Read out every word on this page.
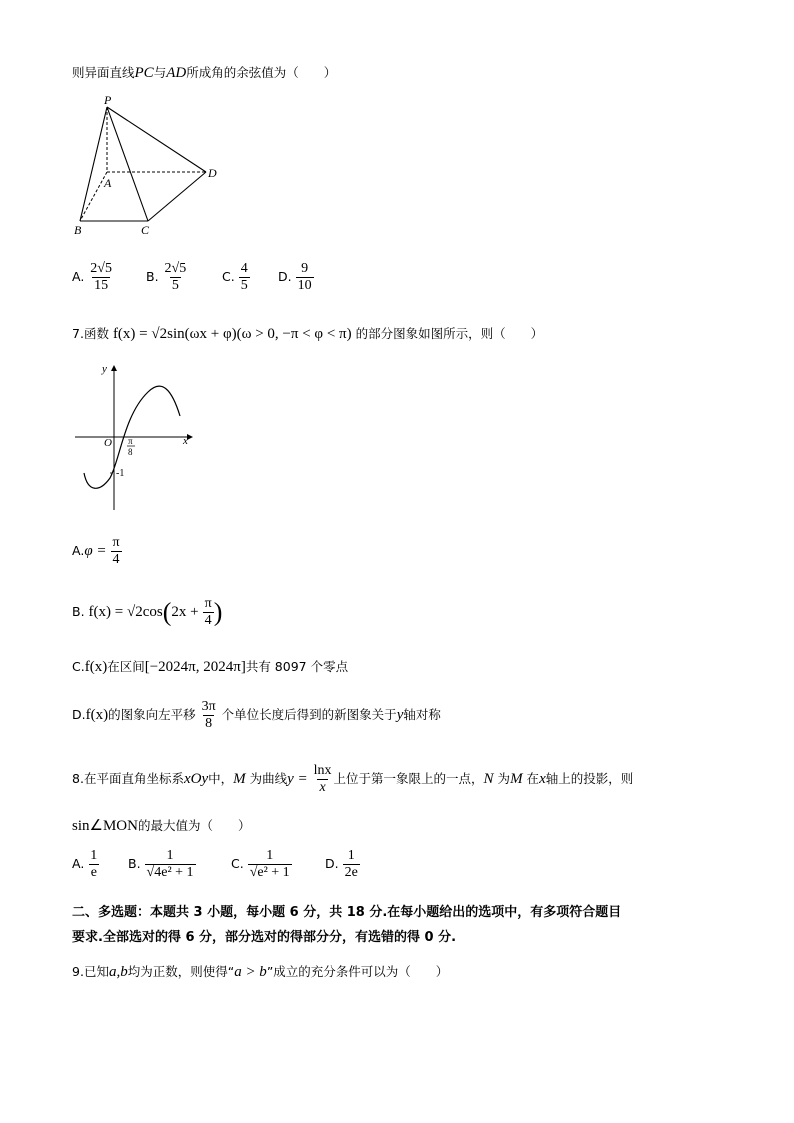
则异面直线PC与AD所成角的余弦值为（　　）
P
A
B	C
D
A. $\frac{2√5}{15}$	B. $\frac{2√5}{5}$	C. $\frac{4}{5} D$. $\frac{9}{10}$
7.函数 f(x) = √2sin(ωx + φ)(ω > 0, −π < φ < π) 的部分图象如图所示，则（　　）
y
x
O π
8
-1
$A.\varphi = \frac{\pi}{4}$
B. $f(x) = √2\cos(2x + \frac{\pi}{4}$ )
C.f(x)在区间[−2024π, 2024π]共有 8097 个零点
D.f(x)的图象向左平移 $\frac{3\pi}{8}$ 个单位长度后得到的新图象关于y轴对称
8.在平面直角坐标系xOy中，M 为曲线$y = \frac{\ln x}{x}$ 上位于第一象限上的一点，N 为M 在x轴上的投影，则
sin∠MON的最大值为（　　）
A. $\frac{1}{e} B$. $\frac{1}{\text{√4e² + 1}}$	C. $\frac{1}{\text{√e² + 1}}$	D. $\frac{1}{2e}$
二、多选题：本题共 3 小题，每小题 6 分，共 18 分.在每小题给出的选项中，有多项符合题目
要求.全部选对的得 6 分，部分选对的得部分分，有选错的得 0 分.
9.已知a,b均为正数，则使得“a > b”成立的充分条件可以为（　　）
